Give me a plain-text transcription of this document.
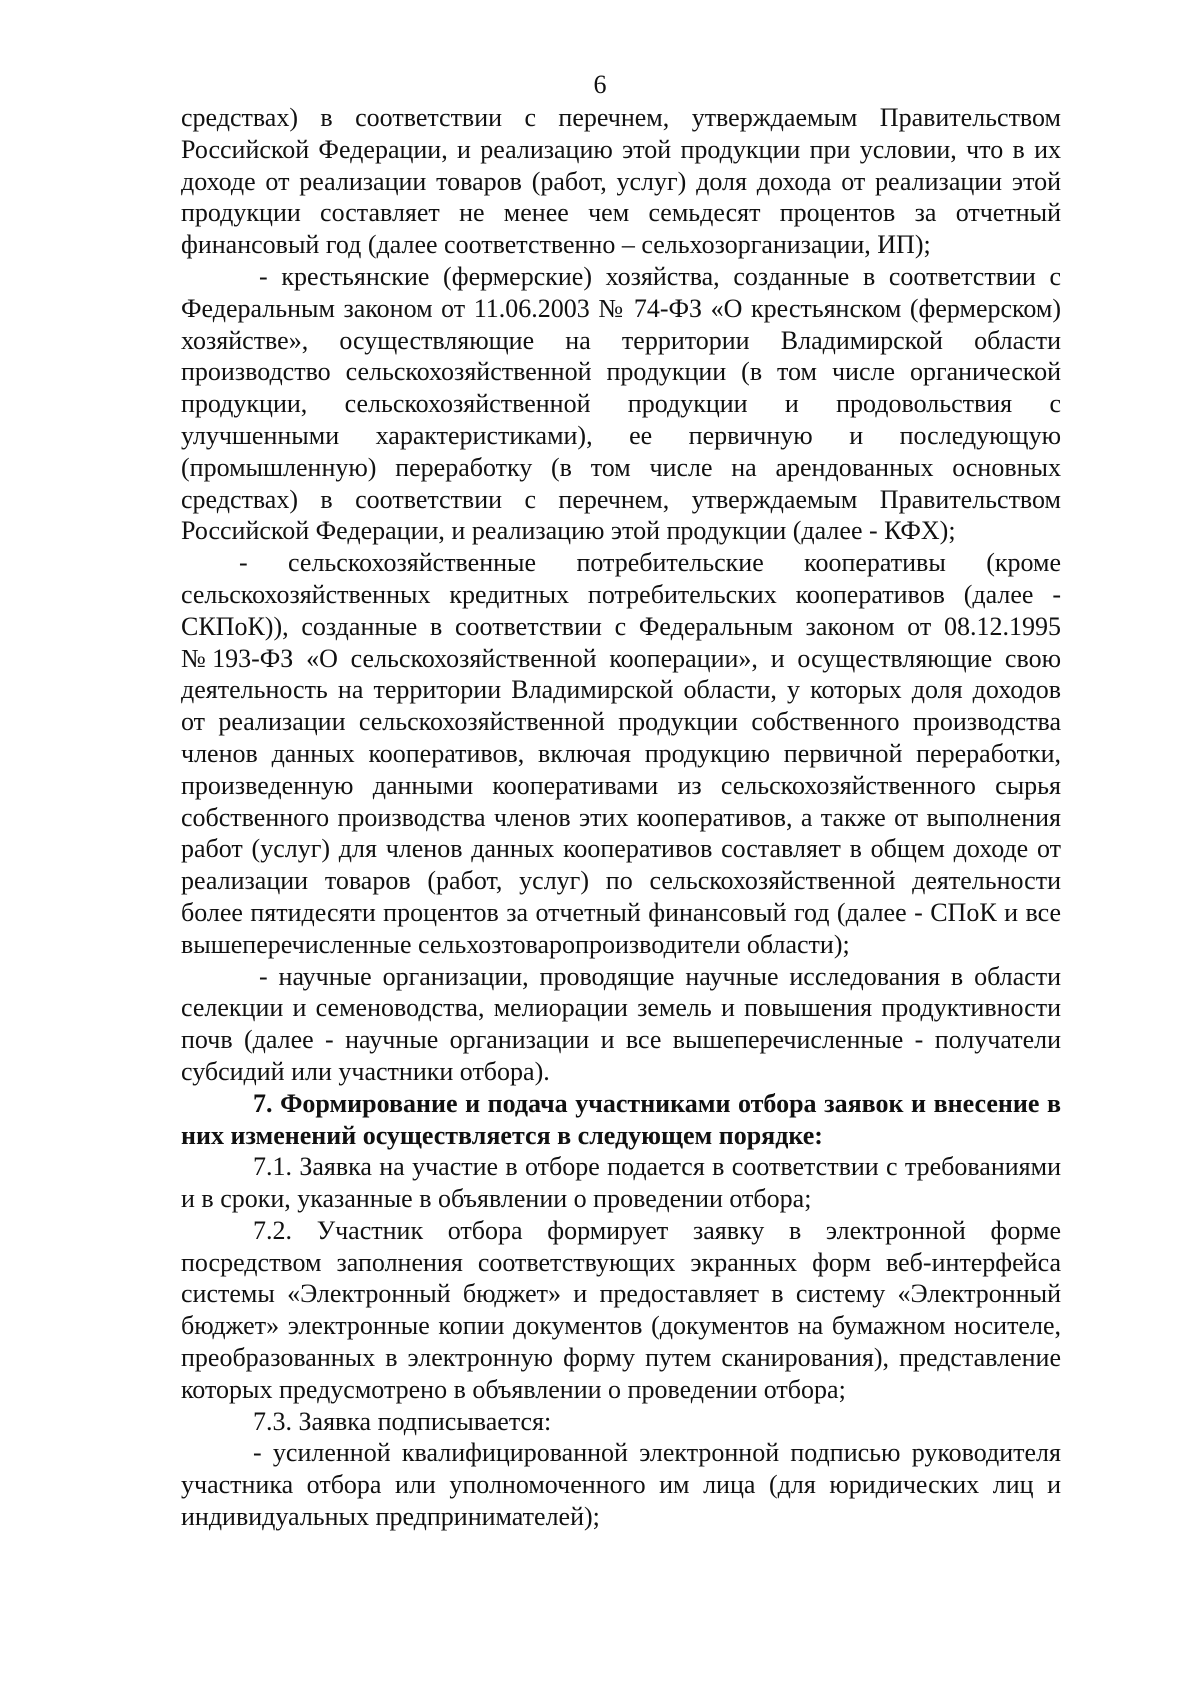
6

средствах) в соответствии с перечнем, утверждаемым Правительством Российской Федерации, и реализацию этой продукции при условии, что в их доходе от реализации товаров (работ, услуг) доля дохода от реализации этой продукции составляет не менее чем семьдесят процентов за отчетный финансовый год (далее соответственно – сельхозорганизации, ИП);

- крестьянские (фермерские) хозяйства, созданные в соответствии с Федеральным законом от 11.06.2003 № 74-ФЗ «О крестьянском (фермерском) хозяйстве», осуществляющие на территории Владимирской области производство сельскохозяйственной продукции (в том числе органической продукции, сельскохозяйственной продукции и продовольствия с улучшенными характеристиками), ее первичную и последующую (промышленную) переработку (в том числе на арендованных основных средствах) в соответствии с перечнем, утверждаемым Правительством Российской Федерации, и реализацию этой продукции (далее - КФХ);

- сельскохозяйственные потребительские кооперативы (кроме сельскохозяйственных кредитных потребительских кооперативов (далее - СКПоК)), созданные в соответствии с Федеральным законом от 08.12.1995 №193-ФЗ «О сельскохозяйственной кооперации», и осуществляющие свою деятельность на территории Владимирской области, у которых доля доходов от реализации сельскохозяйственной продукции собственного производства членов данных кооперативов, включая продукцию первичной переработки, произведенную данными кооперативами из сельскохозяйственного сырья собственного производства членов этих кооперативов, а также от выполнения работ (услуг) для членов данных кооперативов составляет в общем доходе от реализации товаров (работ, услуг) по сельскохозяйственной деятельности более пятидесяти процентов за отчетный финансовый год (далее - СПоК и все вышеперечисленные сельхозтоваропроизводители области);

- научные организации, проводящие научные исследования в области селекции и семеноводства, мелиорации земель и повышения продуктивности почв (далее - научные организации и все вышеперечисленные - получатели субсидий или участники отбора).

7. Формирование и подача участниками отбора заявок и внесение в них изменений осуществляется в следующем порядке:

7.1. Заявка на участие в отборе подается в соответствии с требованиями и в сроки, указанные в объявлении о проведении отбора;

7.2. Участник отбора формирует заявку в электронной форме посредством заполнения соответствующих экранных форм веб-интерфейса системы «Электронный бюджет» и предоставляет в систему «Электронный бюджет» электронные копии документов (документов на бумажном носителе, преобразованных в электронную форму путем сканирования), представление которых предусмотрено в объявлении о проведении отбора;

7.3. Заявка подписывается:

- усиленной квалифицированной электронной подписью руководителя участника отбора или уполномоченного им лица (для юридических лиц и индивидуальных предпринимателей);
